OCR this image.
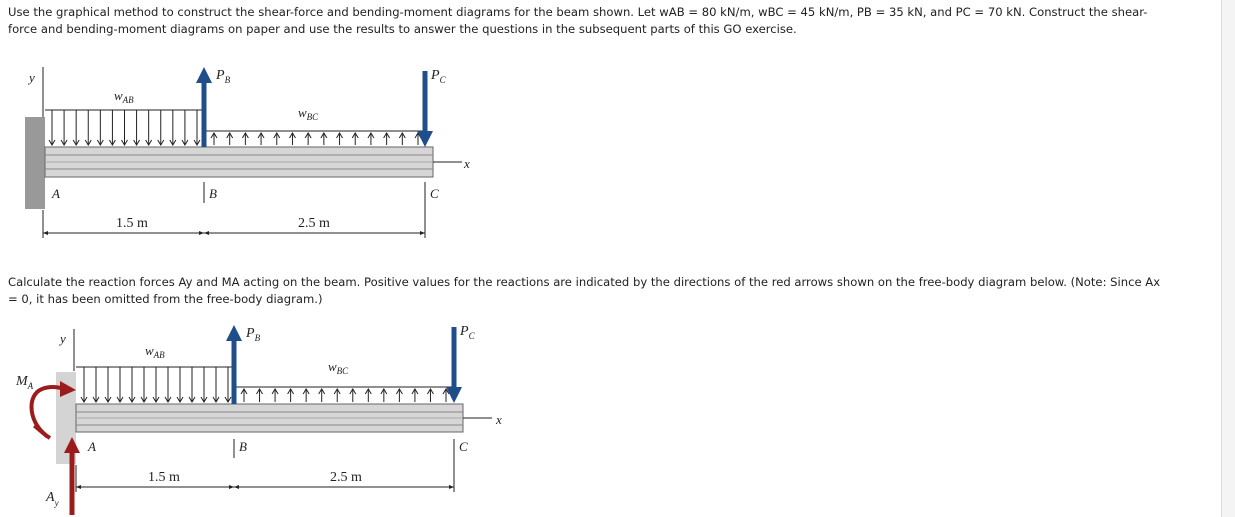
Use the graphical method to construct the shear-force and bending-moment diagrams for the beam shown. Let wAB = 80 kN/m, wBC = 45 kN/m, PB = 35 kN, and PC = 70 kN. Construct the shear-
force and bending-moment diagrams on paper and use the results to answer the questions in the subsequent parts of this GO exercise.
y
x
$w_{AB}$
$w_{BC}$
$P_B$	$P_C$
A	B	C
1.5 m	2.5 m
Calculate the reaction forces Ay and MA acting on the beam. Positive values for the reactions are indicated by the directions of the red arrows shown on the free-body diagram below. (Note: Since Ax
= 0, it has been omitted from the free-body diagram.)
y
x
$w_{AB}$
$w_{BC}$
$P_B$	$P_C$
$M_A$
$A_y$
A	B	C
1.5 m	2.5 m
